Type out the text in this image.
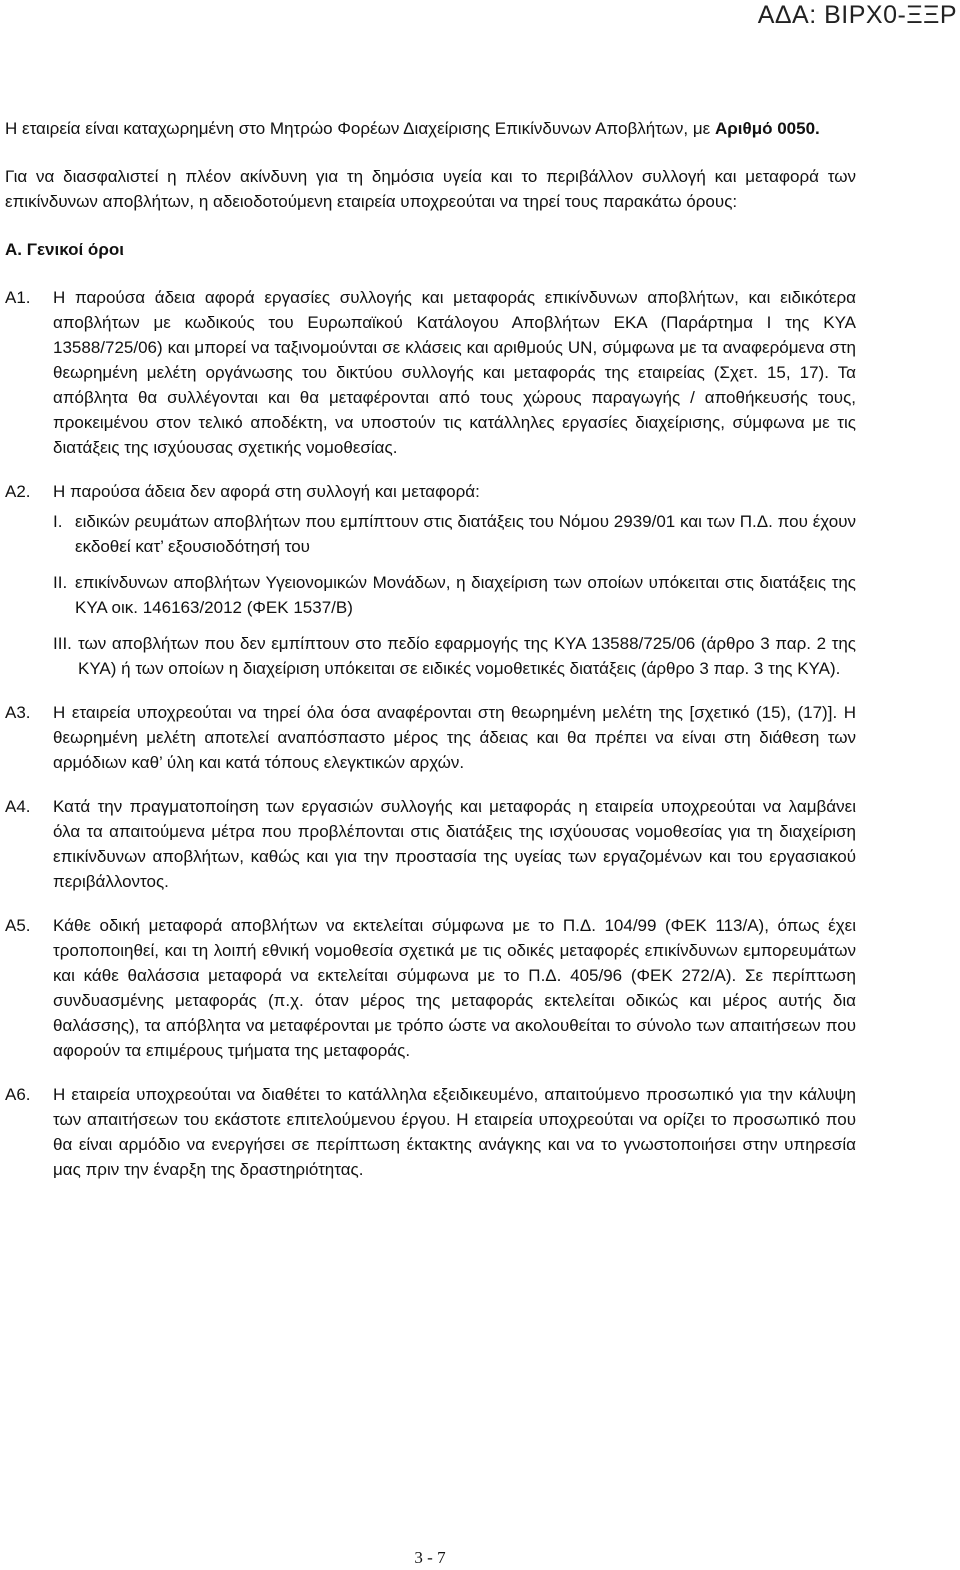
ΑΔΑ: ΒΙΡΧ0-ΞΞΡ

Η εταιρεία είναι καταχωρημένη στο Μητρώο Φορέων Διαχείρισης Επικίνδυνων Αποβλήτων, με Αριθμό 0050.

Για να διασφαλιστεί η πλέον ακίνδυνη για τη δημόσια υγεία και το περιβάλλον συλλογή και μεταφορά των επικίνδυνων αποβλήτων, η αδειοδοτούμενη εταιρεία υποχρεούται να τηρεί τους παρακάτω όρους:

Α. Γενικοί όροι

Α1.	Η παρούσα άδεια αφορά εργασίες συλλογής και μεταφοράς επικίνδυνων αποβλήτων, και ειδικότερα αποβλήτων με κωδικούς του Ευρωπαϊκού Κατάλογου Αποβλήτων ΕΚΑ (Παράρτημα Ι της ΚΥΑ 13588/725/06) και μπορεί να ταξινομούνται σε κλάσεις και αριθμούς UN, σύμφωνα με τα αναφερόμενα στη θεωρημένη μελέτη οργάνωσης του δικτύου συλλογής και μεταφοράς της εταιρείας (Σχετ. 15, 17). Τα απόβλητα θα συλλέγονται και θα μεταφέρονται από τους χώρους παραγωγής / αποθήκευσής τους, προκειμένου στον τελικό αποδέκτη, να υποστούν τις κατάλληλες εργασίες διαχείρισης, σύμφωνα με τις διατάξεις της ισχύουσας σχετικής νομοθεσίας.
Α2.	Η παρούσα άδεια δεν αφορά στη συλλογή και μεταφορά:
I. ειδικών ρευμάτων αποβλήτων που εμπίπτουν στις διατάξεις του Νόμου 2939/01 και των Π.Δ. που έχουν εκδοθεί κατ’ εξουσιοδότησή του
II. επικίνδυνων αποβλήτων Υγειονομικών Μονάδων, η διαχείριση των οποίων υπόκειται στις διατάξεις της ΚΥΑ οικ. 146163/2012 (ΦΕΚ 1537/Β)
III. των αποβλήτων που δεν εμπίπτουν στο πεδίο εφαρμογής της ΚΥΑ 13588/725/06 (άρθρο 3 παρ. 2 της ΚΥΑ) ή των οποίων η διαχείριση υπόκειται σε ειδικές νομοθετικές διατάξεις (άρθρο 3 παρ. 3 της ΚΥΑ).
Α3.	Η εταιρεία υποχρεούται να τηρεί όλα όσα αναφέρονται στη θεωρημένη μελέτη της [σχετικό (15), (17)]. Η θεωρημένη μελέτη αποτελεί αναπόσπαστο μέρος της άδειας και θα πρέπει να είναι στη διάθεση των αρμόδιων καθ’ ύλη και κατά τόπους ελεγκτικών αρχών.
Α4.	Κατά την πραγματοποίηση των εργασιών συλλογής και μεταφοράς η εταιρεία υποχρεούται να λαμβάνει όλα τα απαιτούμενα μέτρα που προβλέπονται στις διατάξεις της ισχύουσας νομοθεσίας για τη διαχείριση επικίνδυνων αποβλήτων, καθώς και για την προστασία της υγείας των εργαζομένων και του εργασιακού περιβάλλοντος.
Α5.	Κάθε οδική μεταφορά αποβλήτων να εκτελείται σύμφωνα με το Π.Δ. 104/99 (ΦΕΚ 113/Α), όπως έχει τροποποιηθεί, και τη λοιπή εθνική νομοθεσία σχετικά με τις οδικές μεταφορές επικίνδυνων εμπορευμάτων και κάθε θαλάσσια μεταφορά να εκτελείται σύμφωνα με το Π.Δ. 405/96 (ΦΕΚ 272/Α). Σε περίπτωση συνδυασμένης μεταφοράς (π.χ. όταν μέρος της μεταφοράς εκτελείται οδικώς και μέρος αυτής δια θαλάσσης), τα απόβλητα να μεταφέρονται με τρόπο ώστε να ακολουθείται το σύνολο των απαιτήσεων που αφορούν τα επιμέρους τμήματα της μεταφοράς.
Α6.	Η εταιρεία υποχρεούται να διαθέτει το κατάλληλα εξειδικευμένο, απαιτούμενο προσωπικό για την κάλυψη των απαιτήσεων του εκάστοτε επιτελούμενου έργου. Η εταιρεία υποχρεούται να ορίζει το προσωπικό που θα είναι αρμόδιο να ενεργήσει σε περίπτωση έκτακτης ανάγκης και να το γνωστοποιήσει στην υπηρεσία μας πριν την έναρξη της δραστηριότητας.
3 - 7
